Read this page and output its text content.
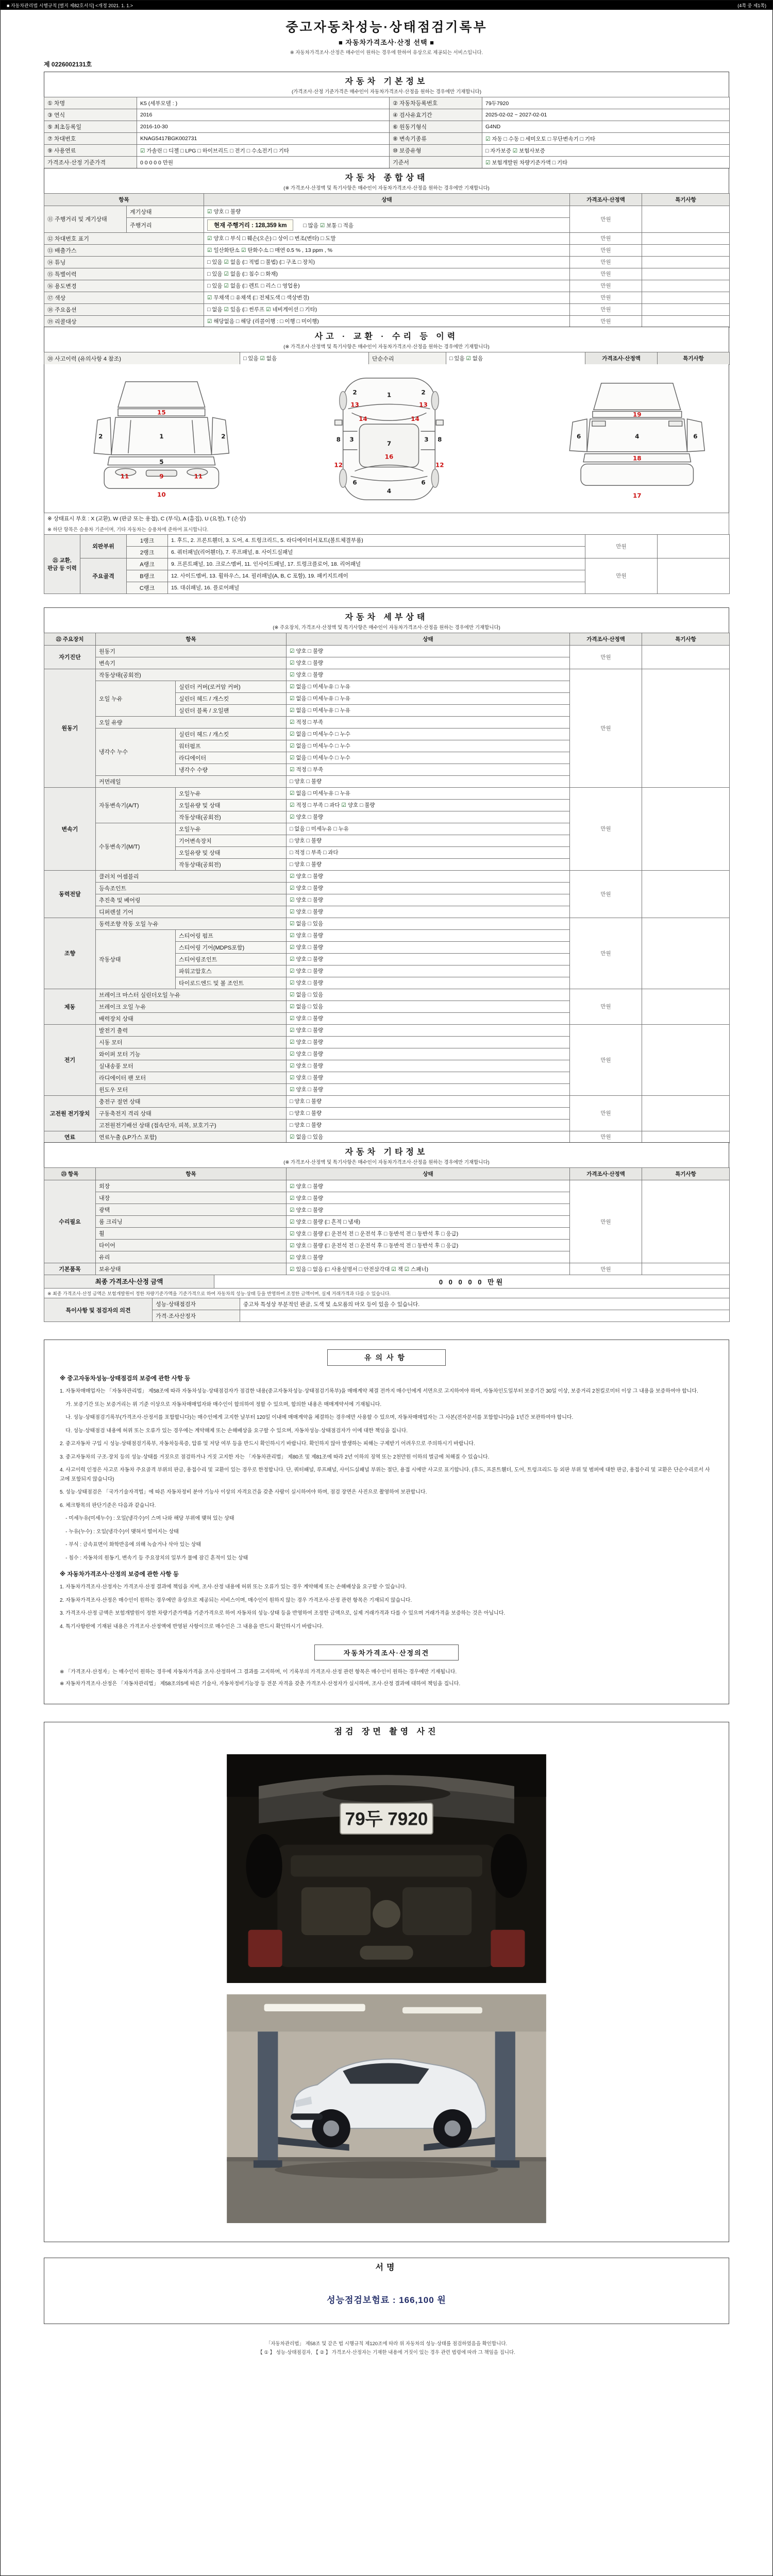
■ 자동차관리법 시행규칙 [별지 제82호서식] <개정 2021. 1. 1.>	(4쪽 중 제1쪽)
중고자동차성능·상태점검기록부
■ 자동차가격조사·산정 선택 ■
※ 자동차가격조사·산정은 매수인이 원하는 경우에 한하여 유상으로 제공되는 서비스입니다.
제 0226002131호
자동차 기본정보
(가격조사·산정 기준가격은 매수인이 자동차가격조사·산정을 원하는 경우에만 기재합니다)
① 차명	K5 (세부모델 : )	② 자동차등록번호	79두7920
③ 연식	2016	④ 검사유효기간	2025-02-02 ~ 2027-02-01
⑤ 최초등록일	2016-10-30	⑥ 원동기형식	G4ND
⑦ 차대번호	KNAG5417BGK002731	⑧ 변속기종류	☑ 자동 □ 수동 □ 세미오토 □ 무단변속기 □ 기타
⑨ 사용연료	☑ 가솔린 □ 디젤 □ LPG □ 하이브리드 □ 전기 □ 수소전기 □ 기타	⑩ 보증유형	□ 자가보증 ☑ 보험사보증
가격조사·산정 기준가격	0 0 0 0 0 만원	기준서	☑ 보험개발원 차량기준가액 □ 기타
자동차 종합상태
(※ 가격조사·산정액 및 특기사항은 매수인이 자동차가격조사·산정을 원하는 경우에만 기재합니다)
항목		상태	가격조사·산정액	특기사항
⑪ 주행거리 및 계기상태	계기상태	☑ 양호 □ 불량	만원	
	주행거리	현재 주행거리 : 128,359 km □ 많음 ☑ 보통 □ 적음		
⑫ 차대번호 표기		☑ 양호 □ 부식 □ 훼손(오손) □ 상이 □ 변조(변타) □ 도말	만원	
⑬ 배출가스		☑ 일산화탄소 ☑ 탄화수소 □ 매연 0.5 % , 13 ppm , %	만원	
⑭ 튜닝		□ 있음 ☑ 없음 (□ 적법 □ 불법) (□ 구조 □ 장치)	만원	
⑮ 특별이력		□ 있음 ☑ 없음 (□ 침수 □ 화재)	만원	
⑯ 용도변경		□ 있음 ☑ 없음 (□ 렌트 □ 리스 □ 영업용)	만원	
⑰ 색상		☑ 무채색 □ 유채색 (□ 전체도색 □ 색상변경)	만원	
⑱ 주요옵션		□ 없음 ☑ 있음 (□ 썬루프 ☑ 네비게이션 □ 기타)	만원	
⑲ 리콜대상		☑ 해당없음 □ 해당 (리콜이행 : □ 이행 □ 미이행)	만원	
사고 · 교환 · 수리 등 이력
(※ 가격조사·산정액 및 특기사항은 매수인이 자동차가격조사·산정을 원하는 경우에만 기재합니다)
⑳ 사고이력 (유의사항 4 참조)	□ 있음 ☑ 없음	단순수리	□ 있음 ☑ 없음	가격조사·산정액	특기사항
1
2	2
5
15
9
11	11
10
2	1	2
13	13
14	14
7
3	3
8	8
12	12
16
6	6
4
19
4
6	6
18
17
※ 상태표시 부호 : X (교환), W (판금 또는 용접), C (부식), A (흠집), U (요철), T (손상)
※ 하단 항목은 승용차 기준이며, 기타 자동차는 승용차에 준하여 표시합니다.
㉑ 교환, 판금 등 이력	외판부위	1랭크	1. 후드, 2. 프론트휀더, 3. 도어, 4. 트렁크리드, 5. 라디에이터서포트(볼트체결부품)	만원	
		2랭크	6. 쿼터패널(리어휀더), 7. 루프패널, 8. 사이드실패널		
	주요골격	A랭크	9. 프론트패널, 10. 크로스멤버, 11. 인사이드패널, 17. 트렁크플로어, 18. 리어패널	만원	
		B랭크	12. 사이드멤버, 13. 휠하우스, 14. 필러패널(A, B, C 포함), 19. 패키지트레이		
		C랭크	15. 대쉬패널, 16. 플로어패널		
자동차 세부상태
(※ 주요장치, 가격조사·산정액 및 특기사항은 매수인이 자동차가격조사·산정을 원하는 경우에만 기재합니다)
㉒ 주요장치	항목		상태	가격조사·산정액	특기사항
자기진단	원동기		☑ 양호 □ 불량	만원	
	변속기		☑ 양호 □ 불량		
원동기	작동상태(공회전)		☑ 양호 □ 불량	만원	
	오일 누유	실린더 커버(로커암 커버)	☑ 없음 □ 미세누유 □ 누유		
		실린더 헤드 / 개스킷	☑ 없음 □ 미세누유 □ 누유		
		실린더 블록 / 오일팬	☑ 없음 □ 미세누유 □ 누유		
	오일 유량		☑ 적정 □ 부족		
	냉각수 누수	실린더 헤드 / 개스킷	☑ 없음 □ 미세누수 □ 누수		
		워터펌프	☑ 없음 □ 미세누수 □ 누수		
		라디에이터	☑ 없음 □ 미세누수 □ 누수		
		냉각수 수량	☑ 적정 □ 부족		
	커먼레일		□ 양호 □ 불량		
변속기	자동변속기(A/T)	오일누유	☑ 없음 □ 미세누유 □ 누유	만원	
		오일유량 및 상태	☑ 적정 □ 부족 □ 과다 ☑ 양호 □ 불량		
		작동상태(공회전)	☑ 양호 □ 불량		
	수동변속기(M/T)	오일누유	□ 없음 □ 미세누유 □ 누유		
		기어변속장치	□ 양호 □ 불량		
		오일유량 및 상태	□ 적정 □ 부족 □ 과다		
		작동상태(공회전)	□ 양호 □ 불량		
동력전달	클러치 어셈블리		☑ 양호 □ 불량	만원	
	등속조인트		☑ 양호 □ 불량		
	추진축 및 베어링		☑ 양호 □ 불량		
	디퍼렌셜 기어		☑ 양호 □ 불량		
조향	동력조향 작동 오일 누유		☑ 없음 □ 있음	만원	
	작동상태	스티어링 펌프	☑ 양호 □ 불량		
		스티어링 기어(MDPS포함)	☑ 양호 □ 불량		
		스티어링조인트	☑ 양호 □ 불량		
		파워고압호스	☑ 양호 □ 불량		
		타이로드엔드 및 볼 조인트	☑ 양호 □ 불량		
제동	브레이크 마스터 실린더오일 누유		☑ 없음 □ 있음	만원	
	브레이크 오일 누유		☑ 없음 □ 있음		
	배력장치 상태		☑ 양호 □ 불량		
전기	발전기 출력		☑ 양호 □ 불량	만원	
	시동 모터		☑ 양호 □ 불량		
	와이퍼 모터 기능		☑ 양호 □ 불량		
	실내송풍 모터		☑ 양호 □ 불량		
	라디에이터 팬 모터		☑ 양호 □ 불량		
	윈도우 모터		☑ 양호 □ 불량		
고전원 전기장치	충전구 절연 상태		□ 양호 □ 불량	만원	
	구동축전지 격리 상태		□ 양호 □ 불량		
	고전원전기배선 상태 (접속단자, 피복, 보호기구)		□ 양호 □ 불량		
연료	연료누출 (LP가스 포함)		☑ 없음 □ 있음	만원	
자동차 기타정보
(※ 가격조사·산정액 및 특기사항은 매수인이 자동차가격조사·산정을 원하는 경우에만 기재합니다)
㉓ 항목	항목	상태	가격조사·산정액	특기사항
수리필요	외장	☑ 양호 □ 불량	만원	
	내장	☑ 양호 □ 불량		
	광택	☑ 양호 □ 불량		
	룸 크리닝	☑ 양호 □ 불량 (□ 흔적 □ 냄새)		
	휠	☑ 양호 □ 불량 (□ 운전석 전 □ 운전석 후 □ 동반석 전 □ 동반석 후 □ 응급)		
	타이어	☑ 양호 □ 불량 (□ 운전석 전 □ 운전석 후 □ 동반석 전 □ 동반석 후 □ 응급)		
	유리	☑ 양호 □ 불량		
기본품목	보유상태	☑ 있음 □ 없음 (□ 사용설명서 □ 안전삼각대 ☑ 잭 ☑ 스패너)	만원	
최종 가격조사·산정 금액	0 0 0 0 0 만원
※ 최종 가격조사·산정 금액은 보험개발원이 정한 차량기준가액을 기준가격으로 하여 자동차의 성능·상태 등을 반영하여 조정한 금액이며, 실제 거래가격과 다를 수 있습니다.
특이사항 및 점검자의 의견	성능·상태점검자	중고차 특성상 부분적인 판금, 도색 및 소모품의 마모 등이 있을 수 있습니다.
	가격·조사산정자	
유의사항
※ 중고자동차성능·상태점검의 보증에 관한 사항 등

1. 자동차매매업자는 「자동차관리법」 제58조에 따라 자동차성능·상태점검자가 점검한 내용(중고자동차성능·상태점검기록부)을 매매계약 체결 전까지 매수인에게 서면으로 고지하여야 하며, 자동차인도일부터 보증기간 30일 이상, 보증거리 2천킬로미터 이상 그 내용을 보증하여야 합니다.

가. 보증기간 또는 보증거리는 위 기준 이상으로 자동차매매업자와 매수인이 합의하여 정할 수 있으며, 합의한 내용은 매매계약서에 기재됩니다.

나. 성능·상태점검기록부(가격조사·산정서를 포함합니다)는 매수인에게 고지한 날부터 120일 이내에 매매계약을 체결하는 경우에만 사용할 수 있으며, 자동차매매업자는 그 사본(전자문서를 포함합니다)을 1년간 보관하여야 합니다.

다. 성능·상태점검 내용에 허위 또는 오류가 있는 경우에는 계약해제 또는 손해배상을 요구할 수 있으며, 자동차성능·상태점검자가 이에 대한 책임을 집니다.

2. 중고자동차 구입 시 성능·상태점검기록부, 자동차등록증, 압류 및 저당 여부 등을 반드시 확인하시기 바랍니다. 확인하지 않아 발생하는 피해는 구제받기 어려우므로 주의하시기 바랍니다.

3. 중고자동차의 구조·장치 등의 성능·상태를 거짓으로 점검하거나 거짓 고지한 자는 「자동차관리법」 제80조 및 제81조에 따라 2년 이하의 징역 또는 2천만원 이하의 벌금에 처해질 수 있습니다.

4. 사고이력 인정은 사고로 자동차 주요골격 부위의 판금, 용접수리 및 교환이 있는 경우로 한정합니다. 단, 쿼터패널, 루프패널, 사이드실패널 부위는 절단, 용접 시에만 사고로 표기합니다. (후드, 프론트휀더, 도어, 트렁크리드 등 외판 부위 및 범퍼에 대한 판금, 용접수리 및 교환은 단순수리로서 사고에 포함되지 않습니다)

5. 성능·상태점검은 「국가기술자격법」에 따른 자동차정비 분야 기능사 이상의 자격요건을 갖춘 사람이 실시하여야 하며, 점검 장면은 사진으로 촬영하여 보관합니다.

6. 체크항목의 판단기준은 다음과 같습니다.

- 미세누유(미세누수) : 오일(냉각수)이 스며 나와 해당 부위에 맺혀 있는 상태

- 누유(누수) : 오일(냉각수)이 맺혀서 떨어지는 상태

- 부식 : 금속표면이 화학반응에 의해 녹슬거나 삭아 있는 상태

- 침수 : 자동차의 원동기, 변속기 등 주요장치의 일부가 물에 잠긴 흔적이 있는 상태

※ 자동차가격조사·산정의 보증에 관한 사항 등

1. 자동차가격조사·산정자는 가격조사·산정 결과에 책임을 지며, 조사·산정 내용에 허위 또는 오류가 있는 경우 계약해제 또는 손해배상을 요구할 수 있습니다.

2. 자동차가격조사·산정은 매수인이 원하는 경우에만 유상으로 제공되는 서비스이며, 매수인이 원하지 않는 경우 가격조사·산정 관련 항목은 기재되지 않습니다.

3. 가격조사·산정 금액은 보험개발원이 정한 차량기준가액을 기준가격으로 하여 자동차의 성능·상태 등을 반영하여 조정한 금액으로, 실제 거래가격과 다를 수 있으며 거래가격을 보증하는 것은 아닙니다.

4. 특기사항란에 기재된 내용은 가격조사·산정액에 반영된 사항이므로 매수인은 그 내용을 반드시 확인하시기 바랍니다.

자동차가격조사·산정의견

※ 「가격조사·산정자」는 매수인이 원하는 경우에 자동차가격을 조사·산정하여 그 결과를 고지하며, 이 기록부의 가격조사·산정 관련 항목은 매수인이 원하는 경우에만 기재됩니다.

※ 자동차가격조사·산정은 「자동차관리법」 제58조의5에 따른 기술사, 자동차정비기능장 등 전문 자격을 갖춘 가격조사·산정자가 실시하며, 조사·산정 결과에 대하여 책임을 집니다.

점검 장면 촬영 사진
79두 7920
서명
성능점검보험료 : 166,100 원

「자동차관리법」 제58조 및 같은 법 시행규칙 제120조에 따라 위 자동차의 성능·상태를 점검하였음을 확인합니다.

【 ① 】 성능·상태점검자, 【 ② 】 가격조사·산정자는 기재한 내용에 거짓이 있는 경우 관련 법령에 따라 그 책임을 집니다.
